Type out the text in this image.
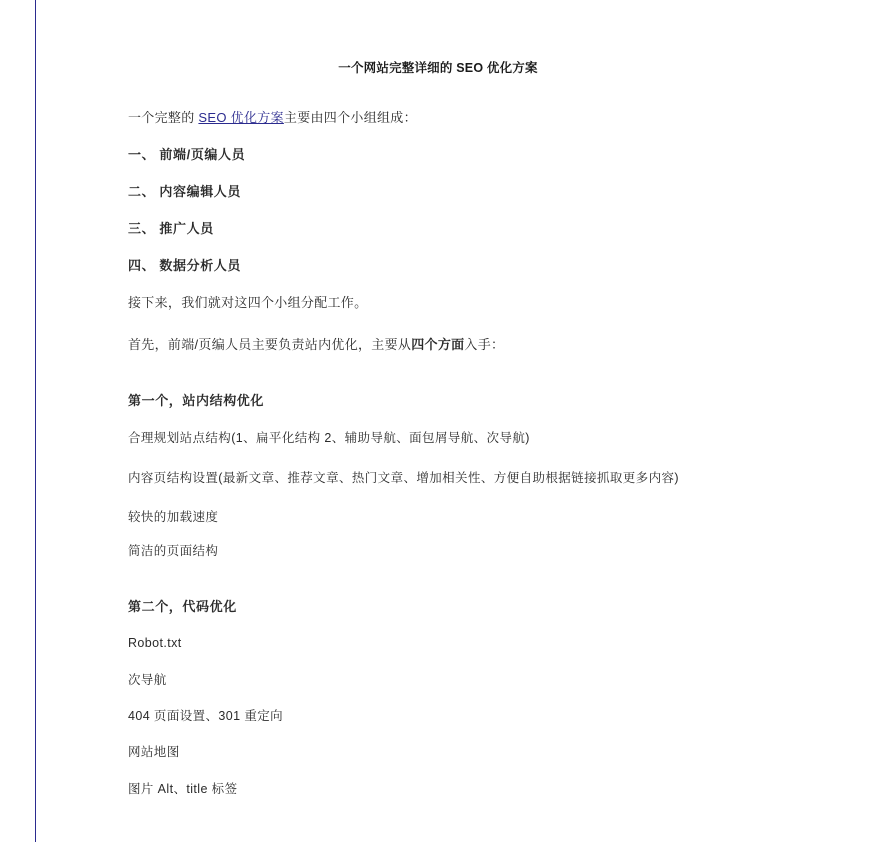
一个网站完整详细的 SEO 优化方案

一个完整的 SEO 优化方案主要由四个小组组成：

一、 前端/页编人员

二、 内容编辑人员

三、 推广人员

四、 数据分析人员

接下来，我们就对这四个小组分配工作。

首先，前端/页编人员主要负责站内优化，主要从四个方面入手：

第一个，站内结构优化

合理规划站点结构(1、扁平化结构 2、辅助导航、面包屑导航、次导航)

内容页结构设置(最新文章、推荐文章、热门文章、增加相关性、方便自助根据链接抓取更多内容)

较快的加载速度

简洁的页面结构

第二个，代码优化

Robot.txt

次导航

404 页面设置、301 重定向

网站地图

图片 Alt、title 标签
